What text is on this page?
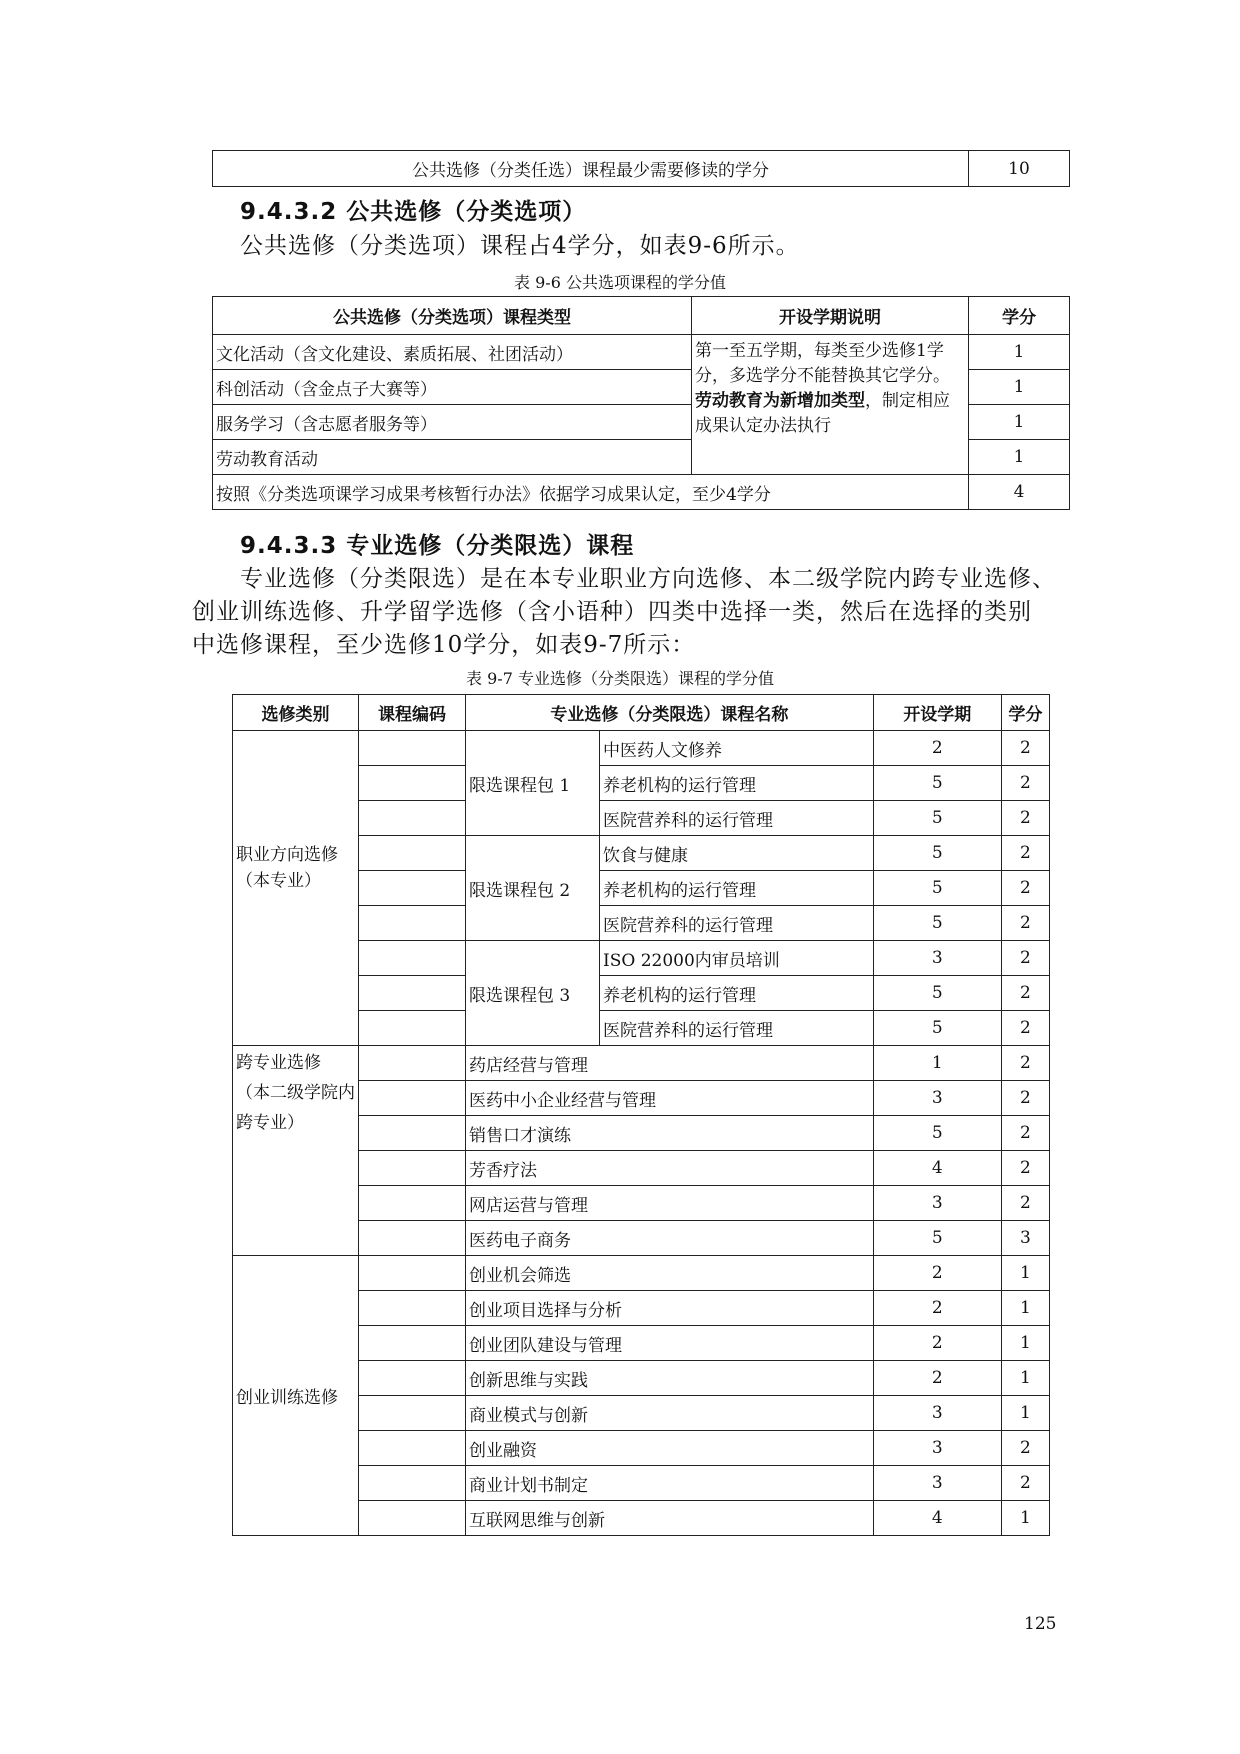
公共选修（分类任选）课程最少需要修读的学分	10
9.4.3.2 公共选修（分类选项）

公共选修（分类选项）课程占4学分，如表9-6所示。

表 9-6 公共选项课程的学分值

公共选修（分类选项）课程类型	开设学期说明	学分
文化活动（含文化建设、素质拓展、社团活动）	第一至五学期，每类至少选修1学分，多选学分不能替换其它学分。劳动教育为新增加类型，制定相应成果认定办法执行	1
科创活动（含金点子大赛等）		1
服务学习（含志愿者服务等）		1
劳动教育活动		1
按照《分类选项课学习成果考核暂行办法》依据学习成果认定，至少4学分		4
9.4.3.3 专业选修（分类限选）课程

专业选修（分类限选）是在本专业职业方向选修、本二级学院内跨专业选修、

创业训练选修、升学留学选修（含小语种）四类中选择一类，然后在选择的类别

中选修课程，至少选修10学分，如表9-7所示：

表 9-7 专业选修（分类限选）课程的学分值

选修类别	课程编码	专业选修（分类限选）课程名称		开设学期	学分

职业方向选修
（本专业）		限选课程包 1	中医药人文修养	2	2
			养老机构的运行管理	5	2
			医院营养科的运行管理	5	2
		限选课程包 2	饮食与健康	5	2
			养老机构的运行管理	5	2
			医院营养科的运行管理	5	2
		限选课程包 3	ISO 22000内审员培训	3	2
			养老机构的运行管理	5	2
			医院营养科的运行管理	5	2

跨专业选修
（本二级学院内跨专业）		药店经营与管理		1	2
		医药中小企业经营与管理		3	2
		销售口才演练		5	2
		芳香疗法		4	2
		网店运营与管理		3	2
		医药电子商务		5	3
创业训练选修		创业机会筛选		2	1
		创业项目选择与分析		2	1
		创业团队建设与管理		2	1
		创新思维与实践		2	1
		商业模式与创新		3	1
		创业融资		3	2
		商业计划书制定		3	2
		互联网思维与创新		4	1
125
